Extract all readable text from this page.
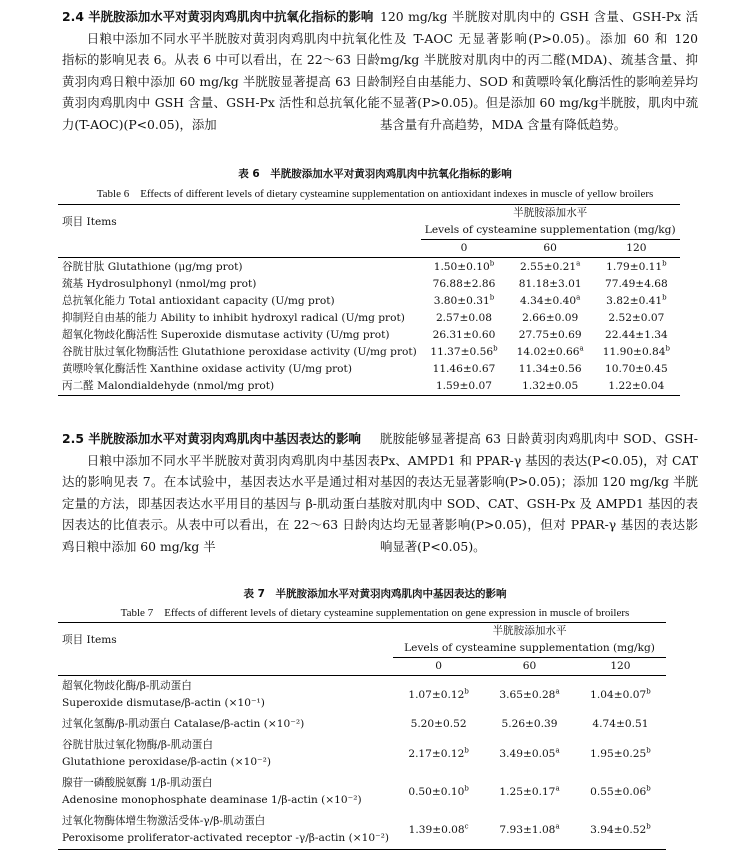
2.4 半胱胺添加水平对黄羽肉鸡肌肉中抗氧化指标的影响

日粮中添加不同水平半胱胺对黄羽肉鸡肌肉中抗氧化指标的影响见表 6。从表 6 中可以看出，在 22～63 日龄黄羽肉鸡日粮中添加 60 mg/kg 半胱胺显著提高 63 日龄黄羽肉鸡肌肉中 GSH 含量、GSH-Px 活性和总抗氧化能力(T-AOC)(P<0.05)，添加

120 mg/kg 半胱胺对肌肉中的 GSH 含量、GSH-Px 活性及 T-AOC 无显著影响(P>0.05)。添加 60 和 120 mg/kg 半胱胺对肌肉中的丙二醛(MDA)、巯基含量、抑制羟自由基能力、SOD 和黄嘌呤氧化酶活性的影响差异均不显著(P>0.05)。但是添加 60 mg/kg半胱胺，肌肉中巯基含量有升高趋势，MDA 含量有降低趋势。

表 6　半胱胺添加水平对黄羽肉鸡肌肉中抗氧化指标的影响
Table 6　Effects of different levels of dietary cysteamine supplementation on antioxidant indexes in muscle of yellow broilers
项目 Items	半胱胺添加水平		
	Levels of cysteamine supplementation (mg/kg)		
	0	60	120
谷胱甘肽 Glutathione (μg/mg prot)	1.50±0.10$^b$	2.55±0.21$^a$	1.79±0.11$^b$
巯基 Hydrosulphonyl (nmol/mg prot)	76.88±2.86	81.18±3.01	77.49±4.68
总抗氧化能力 Total antioxidant capacity (U/mg prot)	3.80±0.31$^b$	4.34±0.40$^a$	3.82±0.41$^b$
抑制羟自由基的能力 Ability to inhibit hydroxyl radical (U/mg prot)	2.57±0.08	2.66±0.09	2.52±0.07
超氧化物歧化酶活性 Superoxide dismutase activity (U/mg prot)	26.31±0.60	27.75±0.69	22.44±1.34
谷胱甘肽过氧化物酶活性 Glutathione peroxidase activity (U/mg prot)	11.37±0.56$^b$	14.02±0.66$^a$	11.90±0.84$^b$
黄嘌呤氧化酶活性 Xanthine oxidase activity (U/mg prot)	11.46±0.67	11.34±0.56	10.70±0.45
丙二醛 Malondialdehyde (nmol/mg prot)	1.59±0.07	1.32±0.05	1.22±0.04

2.5 半胱胺添加水平对黄羽肉鸡肌肉中基因表达的影响

日粮中添加不同水平半胱胺对黄羽肉鸡肌肉中基因表达的影响见表 7。在本试验中，基因表达水平是通过相对定量的方法，即基因表达水平用目的基因与 β-肌动蛋白基因表达的比值表示。从表中可以看出，在 22～63 日龄肉鸡日粮中添加 60 mg/kg 半

胱胺能够显著提高 63 日龄黄羽肉鸡肌肉中 SOD、GSH-Px、AMPD1 和 PPAR-γ 基因的表达(P<0.05)，对 CAT 基因的表达无显著影响(P>0.05)；添加 120 mg/kg 半胱胺对肌肉中 SOD、CAT、GSH-Px 及 AMPD1 基因的表达均无显著影响(P>0.05)，但对 PPAR-γ 基因的表达影响显著(P<0.05)。

表 7　半胱胺添加水平对黄羽肉鸡肌肉中基因表达的影响
Table 7　Effects of different levels of dietary cysteamine supplementation on gene expression in muscle of broilers
项目 Items	半胱胺添加水平		
	Levels of cysteamine supplementation (mg/kg)		
	0	60	120

超氧化物歧化酶/β-肌动蛋白
Superoxide dismutase/β-actin (×10⁻¹)	1.07±0.12$^b$	3.65±0.28$^a$	1.04±0.07$^b$

过氧化氢酶/β-肌动蛋白 Catalase/β-actin (×10⁻²)	5.20±0.52	5.26±0.39	4.74±0.51

谷胱甘肽过氧化物酶/β-肌动蛋白
Glutathione peroxidase/β-actin (×10⁻²)	2.17±0.12$^b$	3.49±0.05$^a$	1.95±0.25$^b$

腺苷一磷酸脱氨酶 1/β-肌动蛋白
Adenosine monophosphate deaminase 1/β-actin (×10⁻²)	0.50±0.10$^b$	1.25±0.17$^a$	0.55±0.06$^b$

过氧化物酶体增生物激活受体-γ/β-肌动蛋白
Peroxisome proliferator-activated receptor -γ/β-actin (×10⁻²)	1.39±0.08$^c$	7.93±1.08$^a$	3.94±0.52$^b$
